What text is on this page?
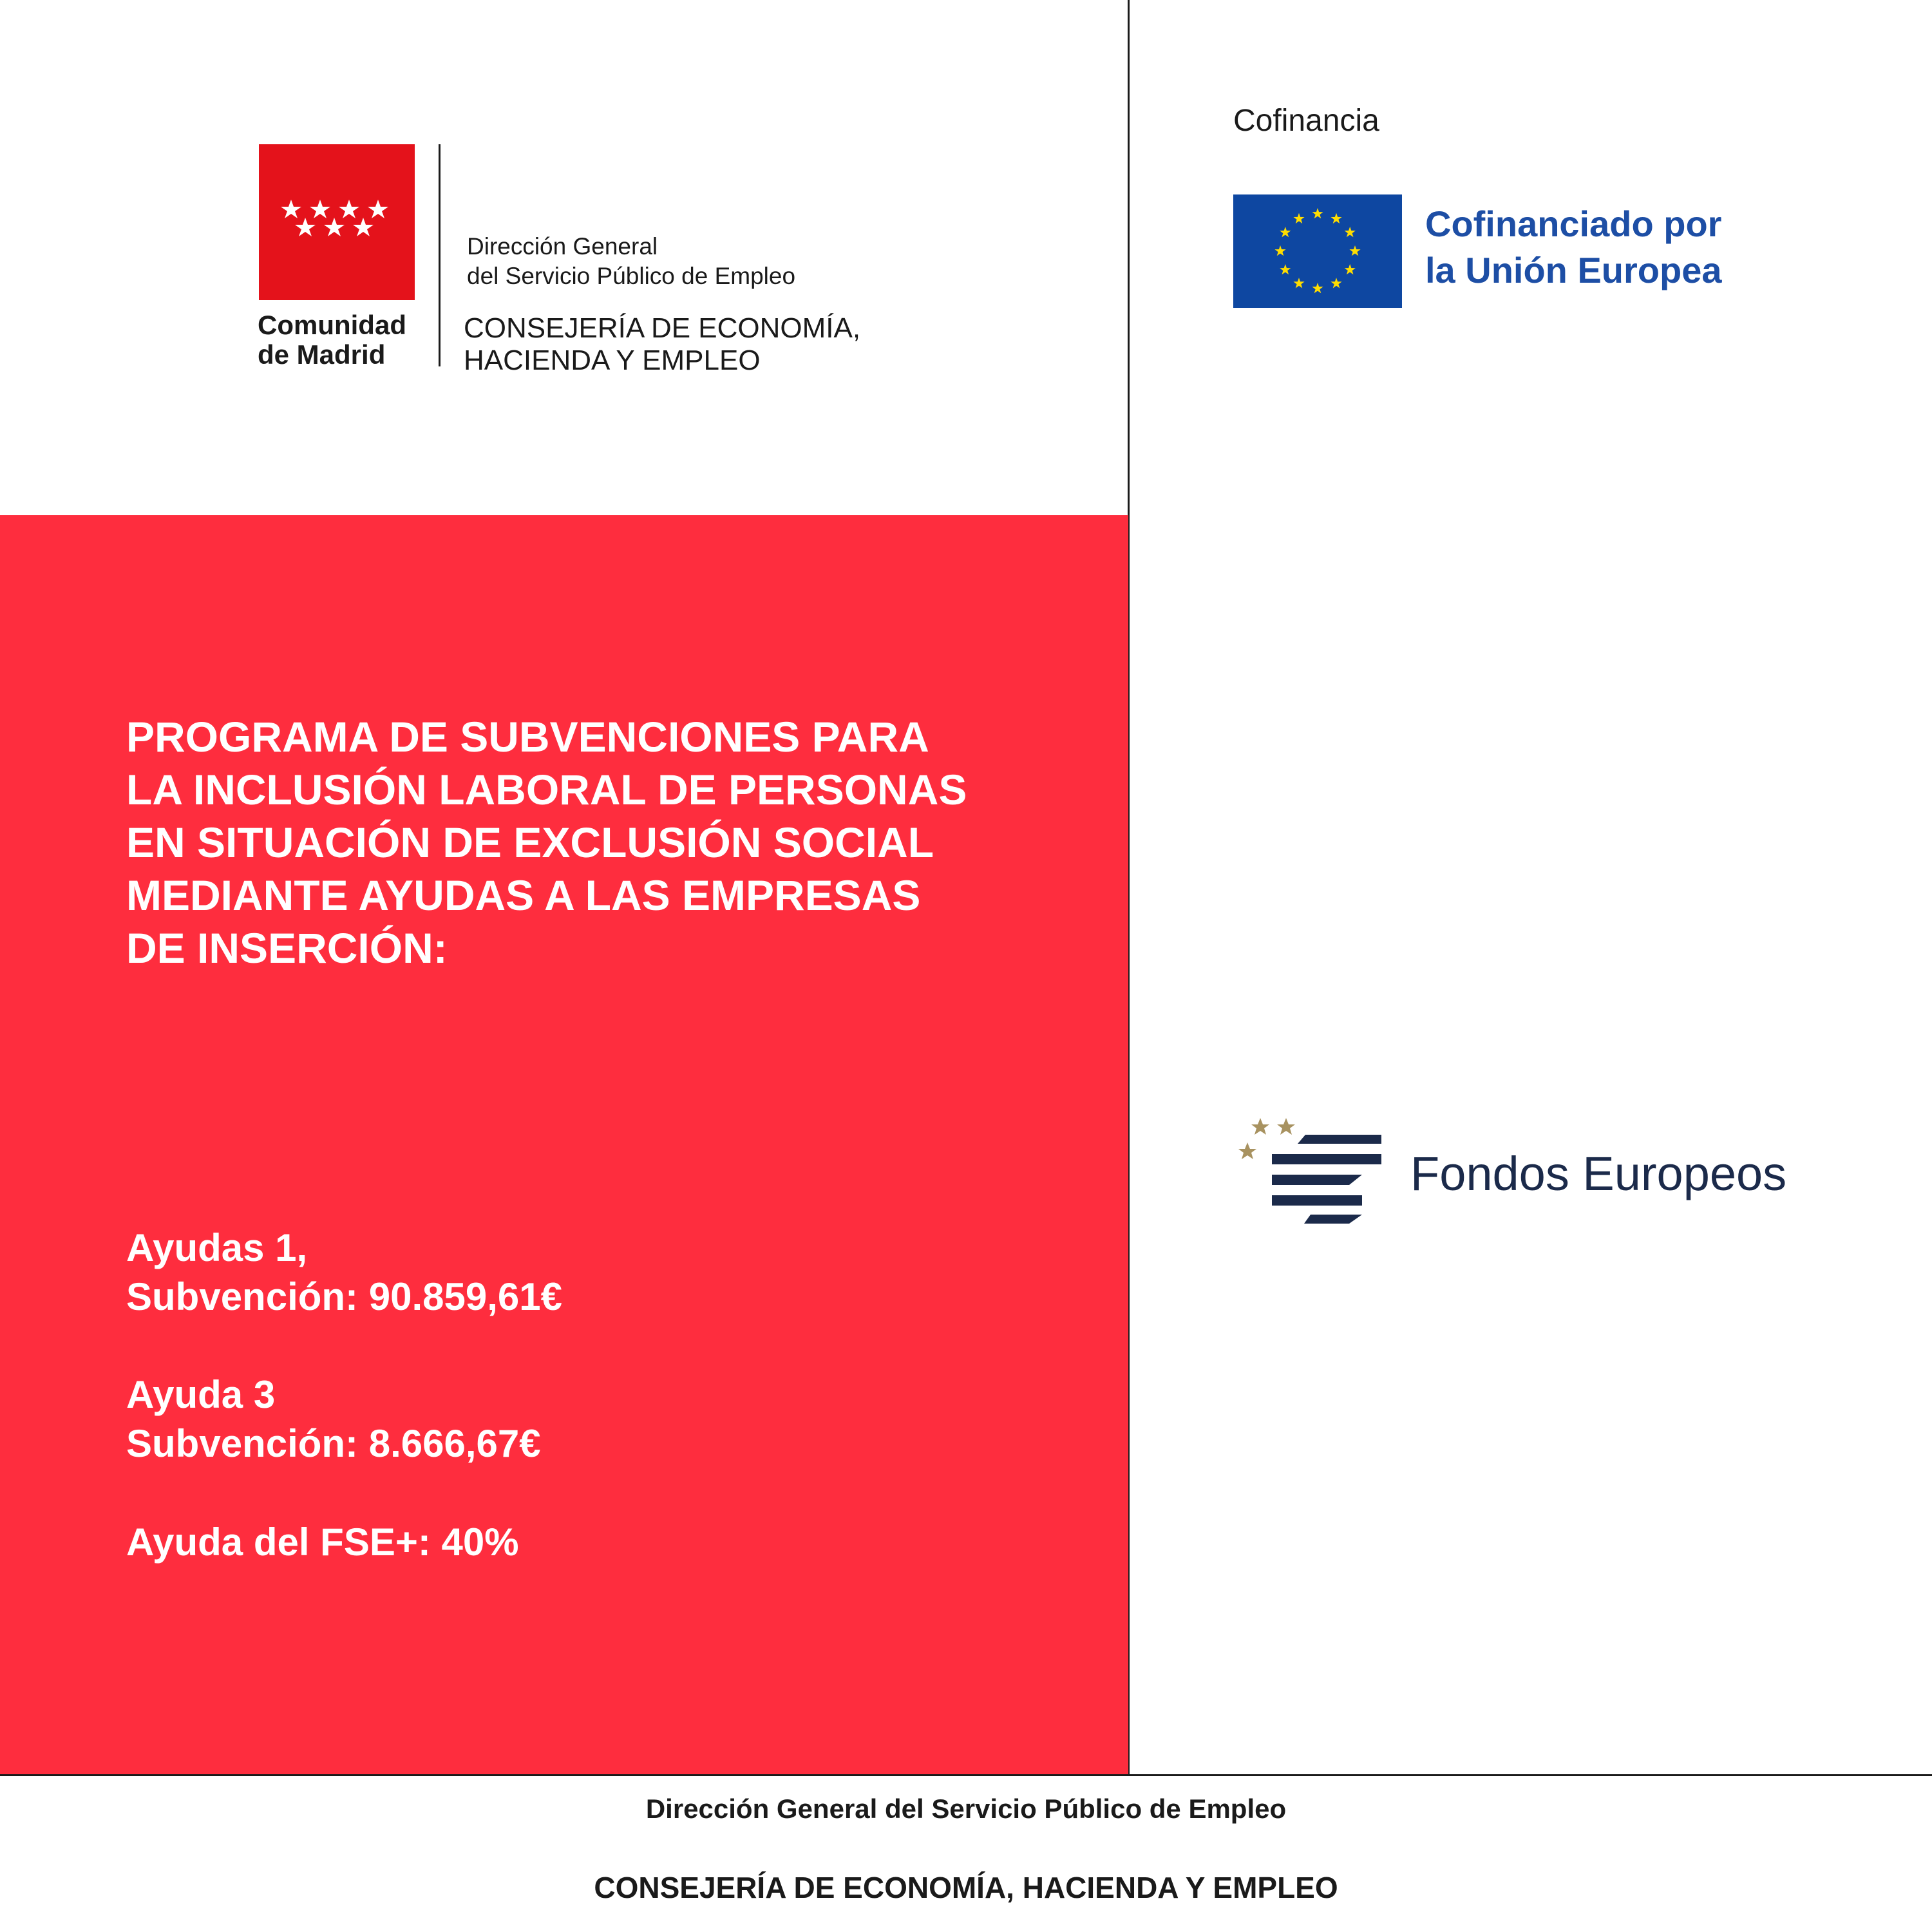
Comunidad
de Madrid
Dirección General
del Servicio Público de Empleo
CONSEJERÍA DE ECONOMÍA,
HACIENDA Y EMPLEO
PROGRAMA DE SUBVENCIONES PARA
LA INCLUSIÓN LABORAL DE PERSONAS
EN SITUACIÓN DE EXCLUSIÓN SOCIAL
MEDIANTE AYUDAS A LAS EMPRESAS
DE INSERCIÓN:
Ayudas 1,
Subvención: 90.859,61€
Ayuda 3
Subvención: 8.666,67€
Ayuda del FSE+: 40%
Cofinancia
Cofinanciado por
la Unión Europea
Fondos Europeos
Dirección General del Servicio Público de Empleo
CONSEJERÍA DE ECONOMÍA, HACIENDA Y EMPLEO
